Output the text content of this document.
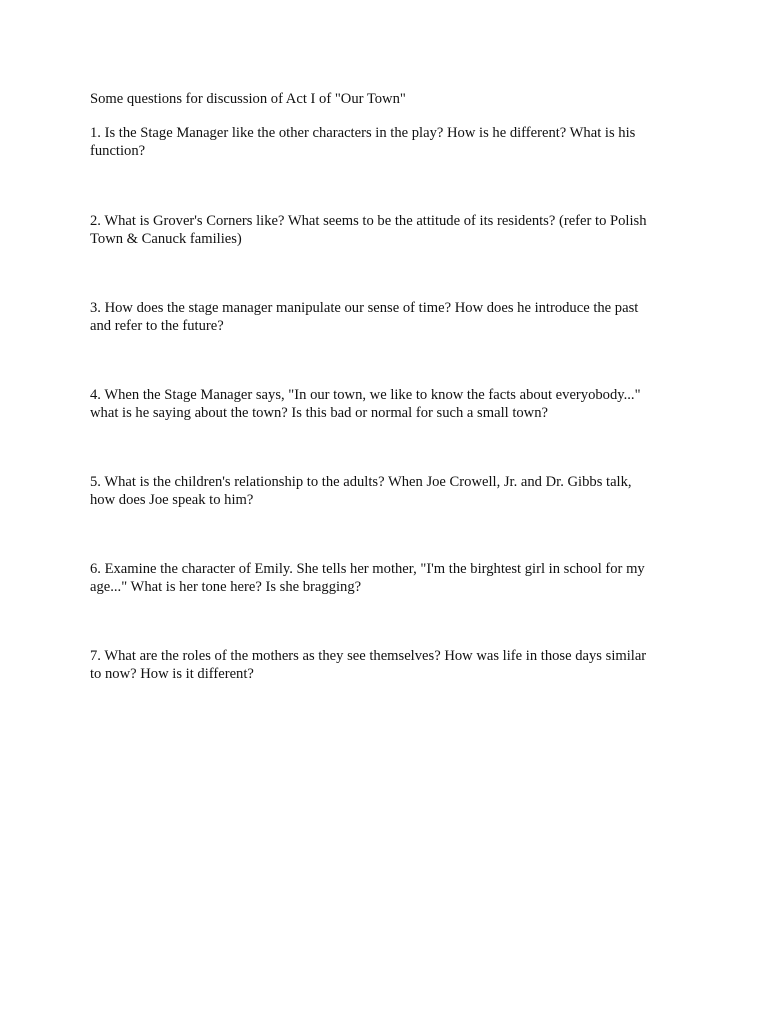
Some questions for discussion of Act I of "Our Town"

1. Is the Stage Manager like the other characters in the play? How is he different? What is his
function?

2. What is Grover's Corners like? What seems to be the attitude of its residents? (refer to Polish
Town & Canuck families)

3. How does the stage manager manipulate our sense of time? How does he introduce the past
and refer to the future?

4. When the Stage Manager says, "In our town, we like to know the facts about everyobody..."
what is he saying about the town? Is this bad or normal for such a small town?

5. What is the children's relationship to the adults? When Joe Crowell, Jr. and Dr. Gibbs talk,
how does Joe speak to him?

6. Examine the character of Emily. She tells her mother, "I'm the birghtest girl in school for my
age..." What is her tone here? Is she bragging?

7. What are the roles of the mothers as they see themselves? How was life in those days similar
to now? How is it different?
